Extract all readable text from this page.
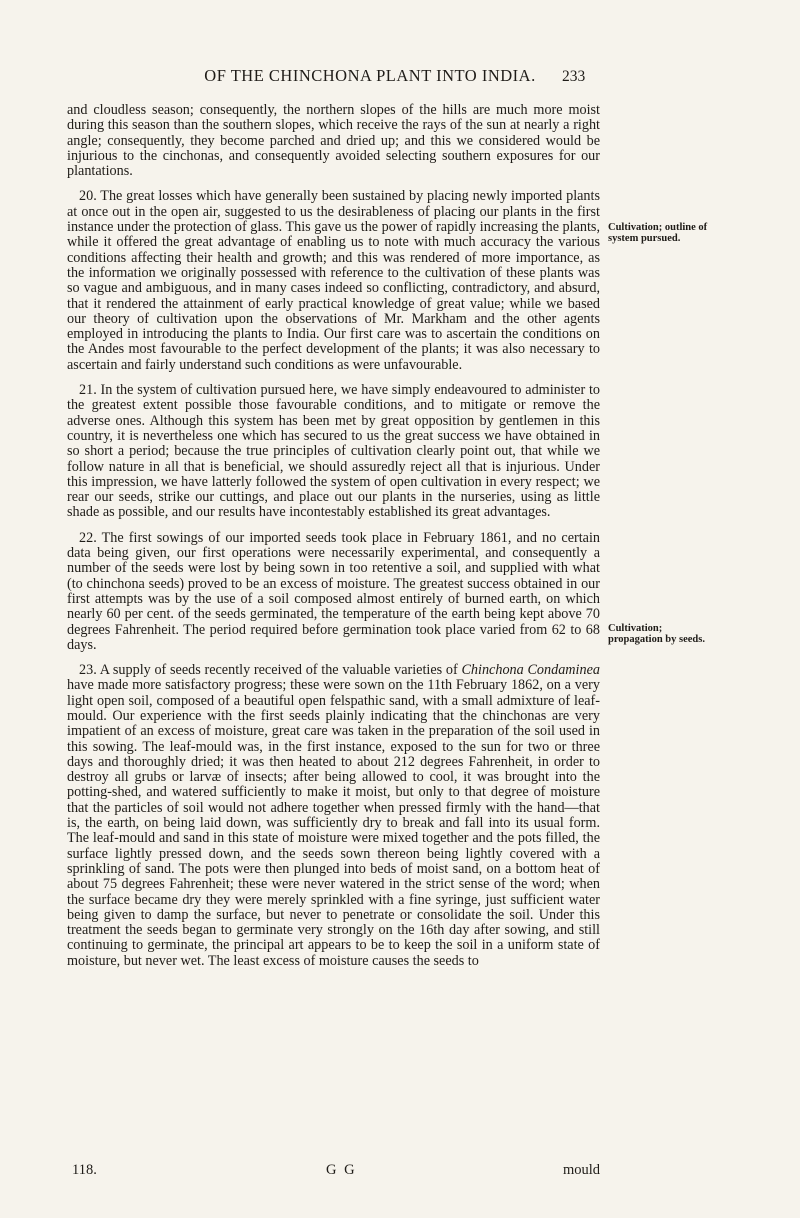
OF THE CHINCHONA PLANT INTO INDIA.	233

and cloudless season; consequently, the northern slopes of the hills are much more moist during this season than the southern slopes, which receive the rays of the sun at nearly a right angle; consequently, they become parched and dried up; and this we considered would be injurious to the cinchonas, and consequently avoided selecting southern exposures for our plantations.

20. The great losses which have generally been sustained by placing newly imported plants at once out in the open air, suggested to us the desirableness of placing our plants in the first instance under the protection of glass. This gave us the power of rapidly increasing the plants, while it offered the great advantage of enabling us to note with much accuracy the various conditions affecting their health and growth; and this was rendered of more importance, as the information we originally possessed with reference to the cultivation of these plants was so vague and ambiguous, and in many cases indeed so conflicting, contradictory, and absurd, that it rendered the attainment of early practical knowledge of great value; while we based our theory of cultivation upon the observations of Mr. Markham and the other agents employed in introducing the plants to India. Our first care was to ascertain the conditions on the Andes most favourable to the perfect development of the plants; it was also necessary to ascertain and fairly understand such conditions as were unfavourable.

21. In the system of cultivation pursued here, we have simply endeavoured to administer to the greatest extent possible those favourable conditions, and to mitigate or remove the adverse ones. Although this system has been met by great opposition by gentlemen in this country, it is nevertheless one which has secured to us the great success we have obtained in so short a period; because the true principles of cultivation clearly point out, that while we follow nature in all that is beneficial, we should assuredly reject all that is injurious. Under this impression, we have latterly followed the system of open cultivation in every respect; we rear our seeds, strike our cuttings, and place out our plants in the nurseries, using as little shade as possible, and our results have incontestably established its great advantages.

22. The first sowings of our imported seeds took place in February 1861, and no certain data being given, our first operations were necessarily experimental, and consequently a number of the seeds were lost by being sown in too retentive a soil, and supplied with what (to chinchona seeds) proved to be an excess of moisture. The greatest success obtained in our first attempts was by the use of a soil composed almost entirely of burned earth, on which nearly 60 per cent. of the seeds germinated, the temperature of the earth being kept above 70 degrees Fahrenheit. The period required before germination took place varied from 62 to 68 days.

23. A supply of seeds recently received of the valuable varieties of Chinchona Condaminea have made more satisfactory progress; these were sown on the 11th February 1862, on a very light open soil, composed of a beautiful open felspathic sand, with a small admixture of leaf-mould. Our experience with the first seeds plainly indicating that the chinchonas are very impatient of an excess of moisture, great care was taken in the preparation of the soil used in this sowing. The leaf-mould was, in the first instance, exposed to the sun for two or three days and thoroughly dried; it was then heated to about 212 degrees Fahrenheit, in order to destroy all grubs or larvæ of insects; after being allowed to cool, it was brought into the potting-shed, and watered sufficiently to make it moist, but only to that degree of moisture that the particles of soil would not adhere together when pressed firmly with the hand—that is, the earth, on being laid down, was sufficiently dry to break and fall into its usual form. The leaf-mould and sand in this state of moisture were mixed together and the pots filled, the surface lightly pressed down, and the seeds sown thereon being lightly covered with a sprinkling of sand. The pots were then plunged into beds of moist sand, on a bottom heat of about 75 degrees Fahrenheit; these were never watered in the strict sense of the word; when the surface became dry they were merely sprinkled with a fine syringe, just sufficient water being given to damp the surface, but never to penetrate or consolidate the soil. Under this treatment the seeds began to germinate very strongly on the 16th day after sowing, and still continuing to germinate, the principal art appears to be to keep the soil in a uniform state of moisture, but never wet. The least excess of moisture causes the seeds to

Cultivation; outline of system pursued.
Cultivation; propagation by seeds.
118.	G G	mould
